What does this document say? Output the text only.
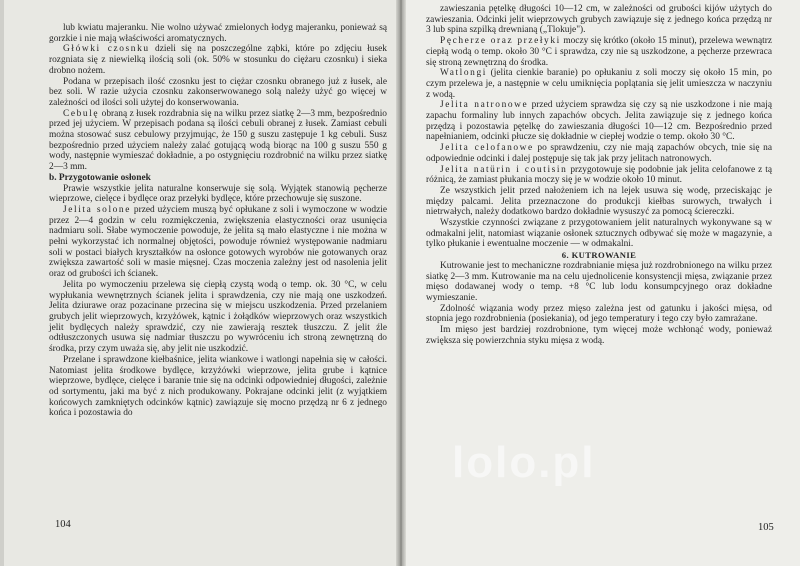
lub kwiatu majeranku. Nie wolno używać zmielonych łodyg majeranku, ponieważ są gorzkie i nie mają właściwości aromatycznych.

Główki czosnku dzieli się na poszczególne ząbki, które po zdjęciu łusek rozgniata się z niewielką ilością soli (ok. 50% w stosunku do ciężaru czosnku) i sieka drobno nożem.

Podana w przepisach ilość czosnku jest to ciężar czosnku obranego już z łusek, ale bez soli. W razie użycia czosnku zakonserwowanego solą należy użyć go więcej w zależności od ilości soli użytej do konserwowania.

Cebulę obraną z łusek rozdrabnia się na wilku przez siatkę 2—3 mm, bezpośrednio przed jej użyciem. W przepisach podana są ilości cebuli obranej z łusek. Zamiast cebuli można stosować susz cebulowy przyjmując, że 150 g suszu zastępuje 1 kg cebuli. Susz bezpośrednio przed użyciem należy zalać gotującą wodą biorąc na 100 g suszu 550 g wody, następnie wymieszać dokładnie, a po ostygnięciu rozdrobnić na wilku przez siatkę 2—3 mm.

b. Przygotowanie osłonek

Prawie wszystkie jelita naturalne konserwuje się solą. Wyjątek stanowią pęcherze wieprzowe, cielęce i bydlęce oraz przełyki bydlęce, które przechowuje się suszone.

Jelita solone przed użyciem muszą być opłukane z soli i wymoczone w wodzie przez 2—4 godzin w celu rozmiękczenia, zwiększenia elastyczności oraz usunięcia nadmiaru soli. Słabe wymoczenie powoduje, że jelita są mało elastyczne i nie można w pełni wykorzystać ich normalnej objętości, powoduje również występowanie nadmiaru soli w postaci białych kryształków na osłonce gotowych wyrobów nie gotowanych oraz zwiększa zawartość soli w masie mięsnej. Czas moczenia zależny jest od nasolenia jelit oraz od grubości ich ścianek.

Jelita po wymoczeniu przelewa się ciepłą czystą wodą o temp. ok. 30 °C, w celu wypłukania wewnętrznych ścianek jelita i sprawdzenia, czy nie mają one uszkodzeń. Jelita dziurawe oraz pozacinane przecina się w miejscu uszkodzenia. Przed przelaniem grubych jelit wieprzowych, krzyżówek, kątnic i żołądków wieprzowych oraz wszystkich jelit bydlęcych należy sprawdzić, czy nie zawierają resztek tłuszczu. Z jelit źle odtłuszczonych usuwa się nadmiar tłuszczu po wywróceniu ich stroną zewnętrzną do środka, przy czym uważa się, aby jelit nie uszkodzić.

Przelane i sprawdzone kiełbaśnice, jelita wiankowe i watlongi napełnia się w całości. Natomiast jelita środkowe bydlęce, krzyżówki wieprzowe, jelita grube i kątnice wieprzowe, bydlęce, cielęce i baranie tnie się na odcinki odpowiedniej długości, zależnie od sortymentu, jaki ma być z nich produkowany. Pokrajane odcinki jelit (z wyjątkiem końcowych zamkniętych odcinków kątnic) zawiązuje się mocno przędzą nr 6 z jednego końca i pozostawia do

104

zawieszania pętelkę długości 10—12 cm, w zależności od grubości kijów użytych do zawieszania. Odcinki jelit wieprzowych grubych zawiązuje się z jednego końca przędzą nr 3 lub spina szpilką drewnianą („Tlokuje").

Pęcherze oraz przełyki moczy się krótko (około 15 minut), przelewa wewnątrz ciepłą wodą o temp. około 30 °C i sprawdza, czy nie są uszkodzone, a pęcherze przewraca się stroną zewnętrzną do środka.

Watlongi (jelita cienkie baranie) po opłukaniu z soli moczy się około 15 min, po czym przelewa je, a następnie w celu umiknięcia poplątania się jelit umieszcza w naczyniu z wodą.

Jelita natronowe przed użyciem sprawdza się czy są nie uszkodzone i nie mają zapachu formaliny lub innych zapachów obcych. Jelita zawiązuje się z jednego końca przędzą i pozostawia pętelkę do zawieszania długości 10—12 cm. Bezpośrednio przed napełnianiem, odcinki płucze się dokładnie w ciepłej wodzie o temp. około 30 °C.

Jelita celofanowe po sprawdzeniu, czy nie mają zapachów obcych, tnie się na odpowiednie odcinki i dalej postępuje się tak jak przy jelitach natronowych.

Jelita natürin i coutisin przygotowuje się podobnie jak jelita celofanowe z tą różnicą, że zamiast płukania moczy się je w wodzie około 10 minut.

Ze wszystkich jelit przed nałożeniem ich na lejek usuwa się wodę, przeciskając je między palcami. Jelita przeznaczone do produkcji kiełbas surowych, trwałych i nietrwałych, należy dodatkowo bardzo dokładnie wysuszyć za pomocą ściereczki.

Wszystkie czynności związane z przygotowaniem jelit naturalnych wykonywane są w odmakalni jelit, natomiast wiązanie osłonek sztucznych odbywać się może w magazynie, a tylko płukanie i ewentualne moczenie — w odmakalni.

6. KUTROWANIE

Kutrowanie jest to mechaniczne rozdrabnianie mięsa już rozdrobnionego na wilku przez siatkę 2—3 mm. Kutrowanie ma na celu ujednolicenie konsystencji mięsa, związanie przez mięso dodawanej wody o temp. +8 °C lub lodu konsumpcyjnego oraz dokładne wymieszanie.

Zdolność wiązania wody przez mięso zależna jest od gatunku i jakości mięsa, od stopnia jego rozdrobnienia (posiekania), od jego temperatury i tego czy było zamrażane.

Im mięso jest bardziej rozdrobnione, tym więcej może wchłonąć wody, ponieważ zwiększa się powierzchnia styku mięsa z wodą.

105
lolo.pl
